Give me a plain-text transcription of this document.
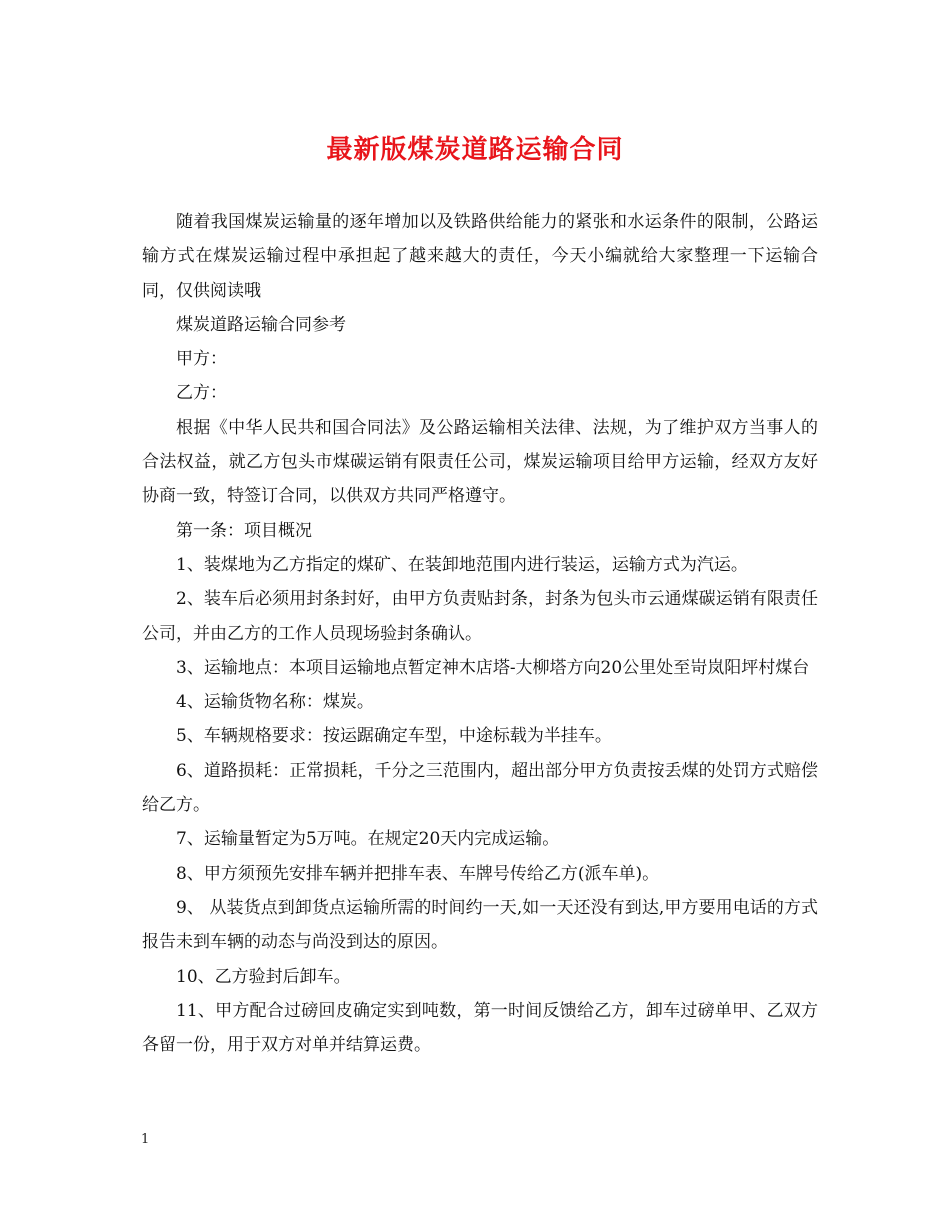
最新版煤炭道路运输合同

随着我国煤炭运输量的逐年增加以及铁路供给能力的紧张和水运条件的限制，公路运输方式在煤炭运输过程中承担起了越来越大的责任，今天小编就给大家整理一下运输合同，仅供阅读哦

煤炭道路运输合同参考

甲方：

乙方：

根据《中华人民共和国合同法》及公路运输相关法律、法规，为了维护双方当事人的合法权益，就乙方包头市煤碳运销有限责任公司，煤炭运输项目给甲方运输，经双方友好协商一致，特签订合同，以供双方共同严格遵守。

第一条：项目概况

1、装煤地为乙方指定的煤矿、在装卸地范围内进行装运，运输方式为汽运。

2、装车后必须用封条封好，由甲方负责贴封条，封条为包头市云通煤碳运销有限责任公司，并由乙方的工作人员现场验封条确认。

3、运输地点：本项目运输地点暂定神木店塔-大柳塔方向20公里处至岢岚阳坪村煤台

4、运输货物名称：煤炭。

5、车辆规格要求：按运踞确定车型，中途标载为半挂车。

6、道路损耗：正常损耗，千分之三范围内，超出部分甲方负责按丢煤的处罚方式赔偿给乙方。

7、运输量暂定为5万吨。在规定20天内完成运输。

8、甲方须预先安排车辆并把排车表、车牌号传给乙方(派车单)。

9、 从装货点到卸货点运输所需的时间约一天,如一天还没有到达,甲方要用电话的方式报告未到车辆的动态与尚没到达的原因。

10、乙方验封后卸车。

11、甲方配合过磅回皮确定实到吨数，第一时间反馈给乙方，卸车过磅单甲、乙双方各留一份，用于双方对单并结算运费。

1
